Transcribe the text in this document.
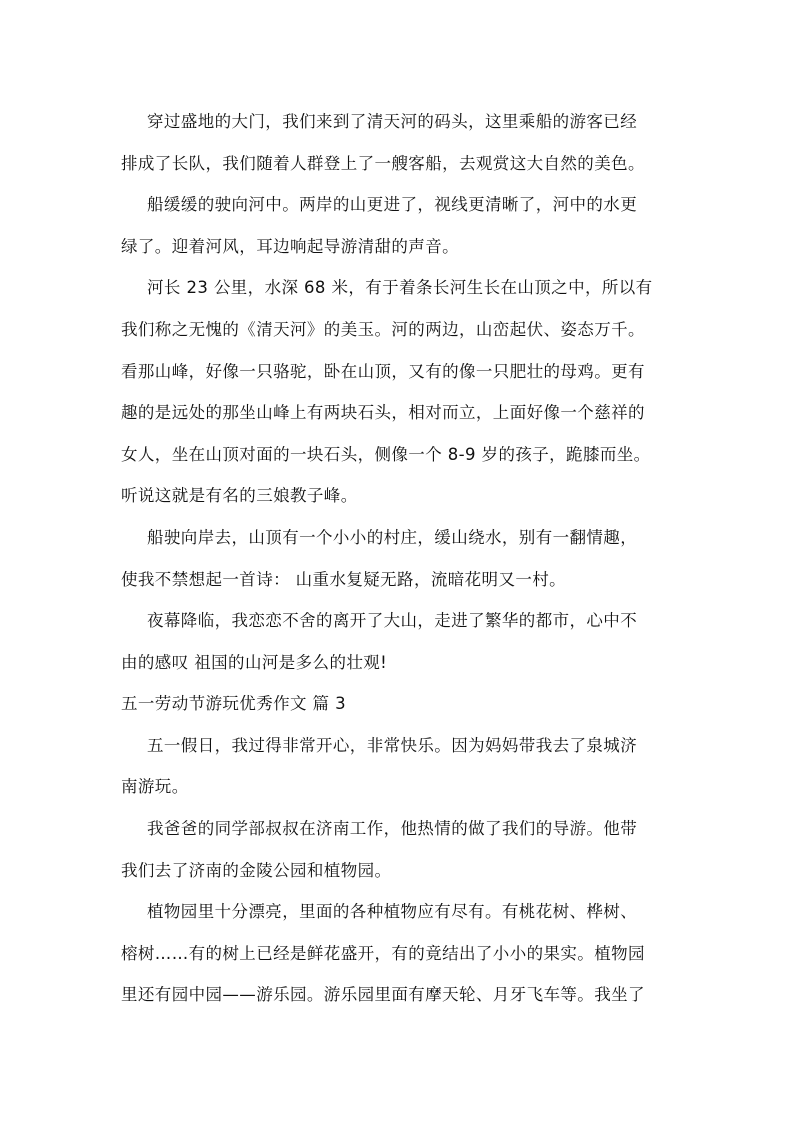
穿过盛地的大门，我们来到了清天河的码头，这里乘船的游客已经
排成了长队，我们随着人群登上了一艘客船，去观赏这大自然的美色。
船缓缓的驶向河中。两岸的山更进了，视线更清晰了，河中的水更
绿了。迎着河风，耳边响起导游清甜的声音。
河长 23 公里，水深 68 米，有于着条长河生长在山顶之中，所以有
我们称之无愧的《清天河》的美玉。河的两边，山峦起伏、姿态万千。
看那山峰，好像一只骆驼，卧在山顶，又有的像一只肥壮的母鸡。更有
趣的是远处的那坐山峰上有两块石头，相对而立，上面好像一个慈祥的
女人，坐在山顶对面的一块石头，侧像一个 8-9 岁的孩子，跪膝而坐。
听说这就是有名的三娘教子峰。
船驶向岸去，山顶有一个小小的村庄，缓山绕水，别有一翻情趣，
使我不禁想起一首诗： 山重水复疑无路，流暗花明又一村。
夜幕降临，我恋恋不舍的离开了大山，走进了繁华的都市，心中不
由的感叹 祖国的山河是多么的壮观!
五一劳动节游玩优秀作文 篇 3
五一假日，我过得非常开心，非常快乐。因为妈妈带我去了泉城济
南游玩。
我爸爸的同学部叔叔在济南工作，他热情的做了我们的导游。他带
我们去了济南的金陵公园和植物园。
植物园里十分漂亮，里面的各种植物应有尽有。有桃花树、桦树、
榕树……有的树上已经是鲜花盛开，有的竟结出了小小的果实。植物园
里还有园中园——游乐园。游乐园里面有摩天轮、月牙飞车等。我坐了
